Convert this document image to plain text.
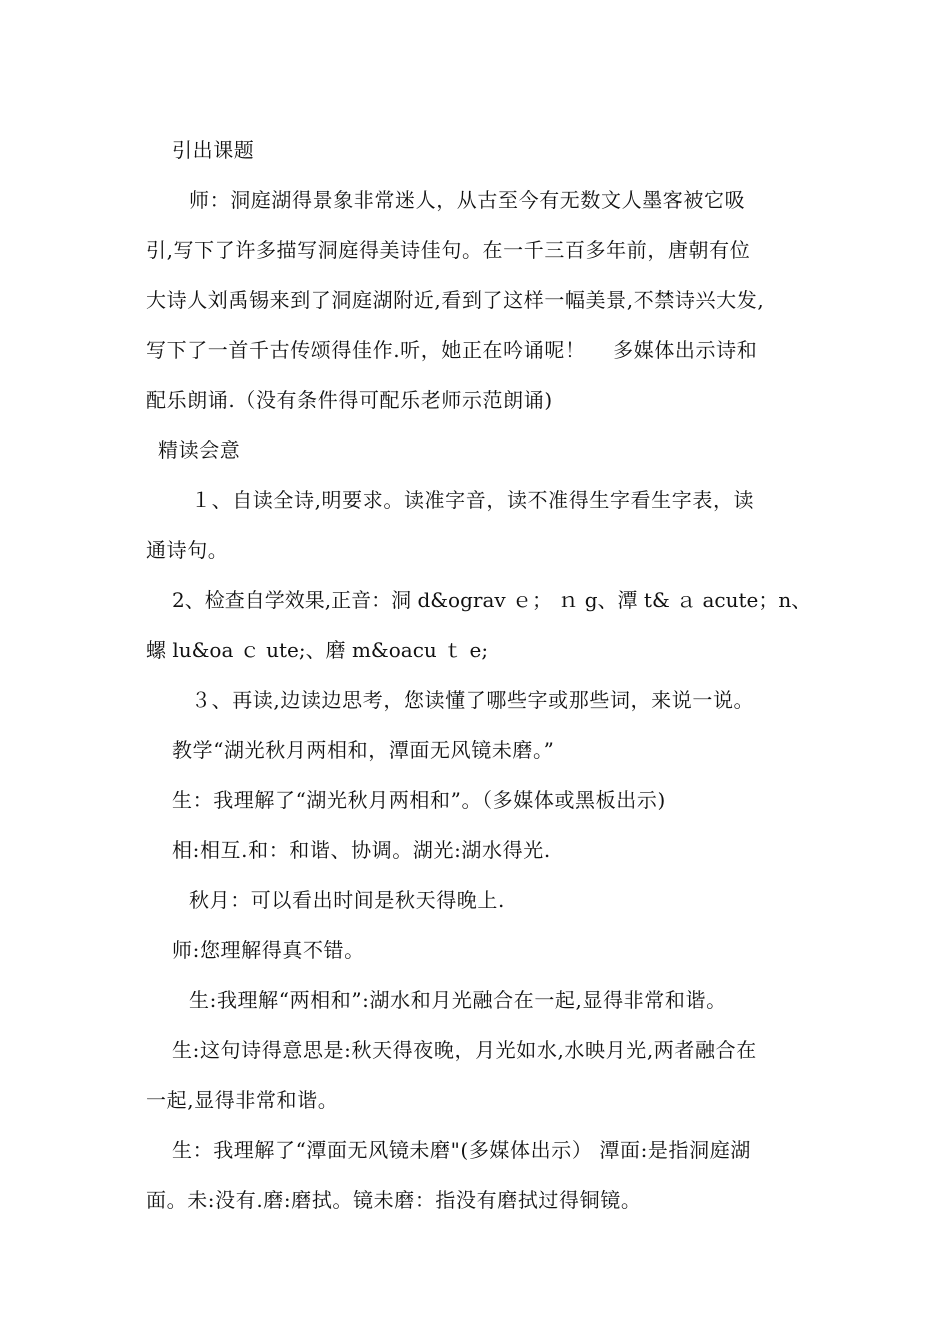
引出课题
师：洞庭湖得景象非常迷人，从古至今有无数文人墨客被它吸
引,写下了许多描写洞庭得美诗佳句。在一千三百多年前，唐朝有位
大诗人刘禹锡来到了洞庭湖附近,看到了这样一幅美景,不禁诗兴大发,
写下了一首千古传颂得佳作.听，她正在吟诵呢！　 多媒体出示诗和
配乐朗诵.（没有条件得可配乐老师示范朗诵)
精读会意
１、自读全诗,明要求。读准字音，读不准得生字看生字表，读
通诗句。
2、检查自学效果,正音：洞 d&ograv ｅ； ｎ g、潭 t& ａ acute；n、
螺 lu&oa ｃ ute;、磨 m&oacu ｔ e;
３、再读,边读边思考，您读懂了哪些字或那些词，来说一说。
教学“湖光秋月两相和，潭面无风镜未磨。”
生：我理解了“湖光秋月两相和”。（多媒体或黑板出示)
相:相互.和：和谐、协调。湖光:湖水得光.
秋月：可以看出时间是秋天得晚上.
师:您理解得真不错。
生:我理解“两相和”:湖水和月光融合在一起,显得非常和谐。
生:这句诗得意思是:秋天得夜晚，月光如水,水映月光,两者融合在
一起,显得非常和谐。
生：我理解了“潭面无风镜未磨"(多媒体出示） 潭面:是指洞庭湖
面。未:没有.磨:磨拭。镜未磨：指没有磨拭过得铜镜。
